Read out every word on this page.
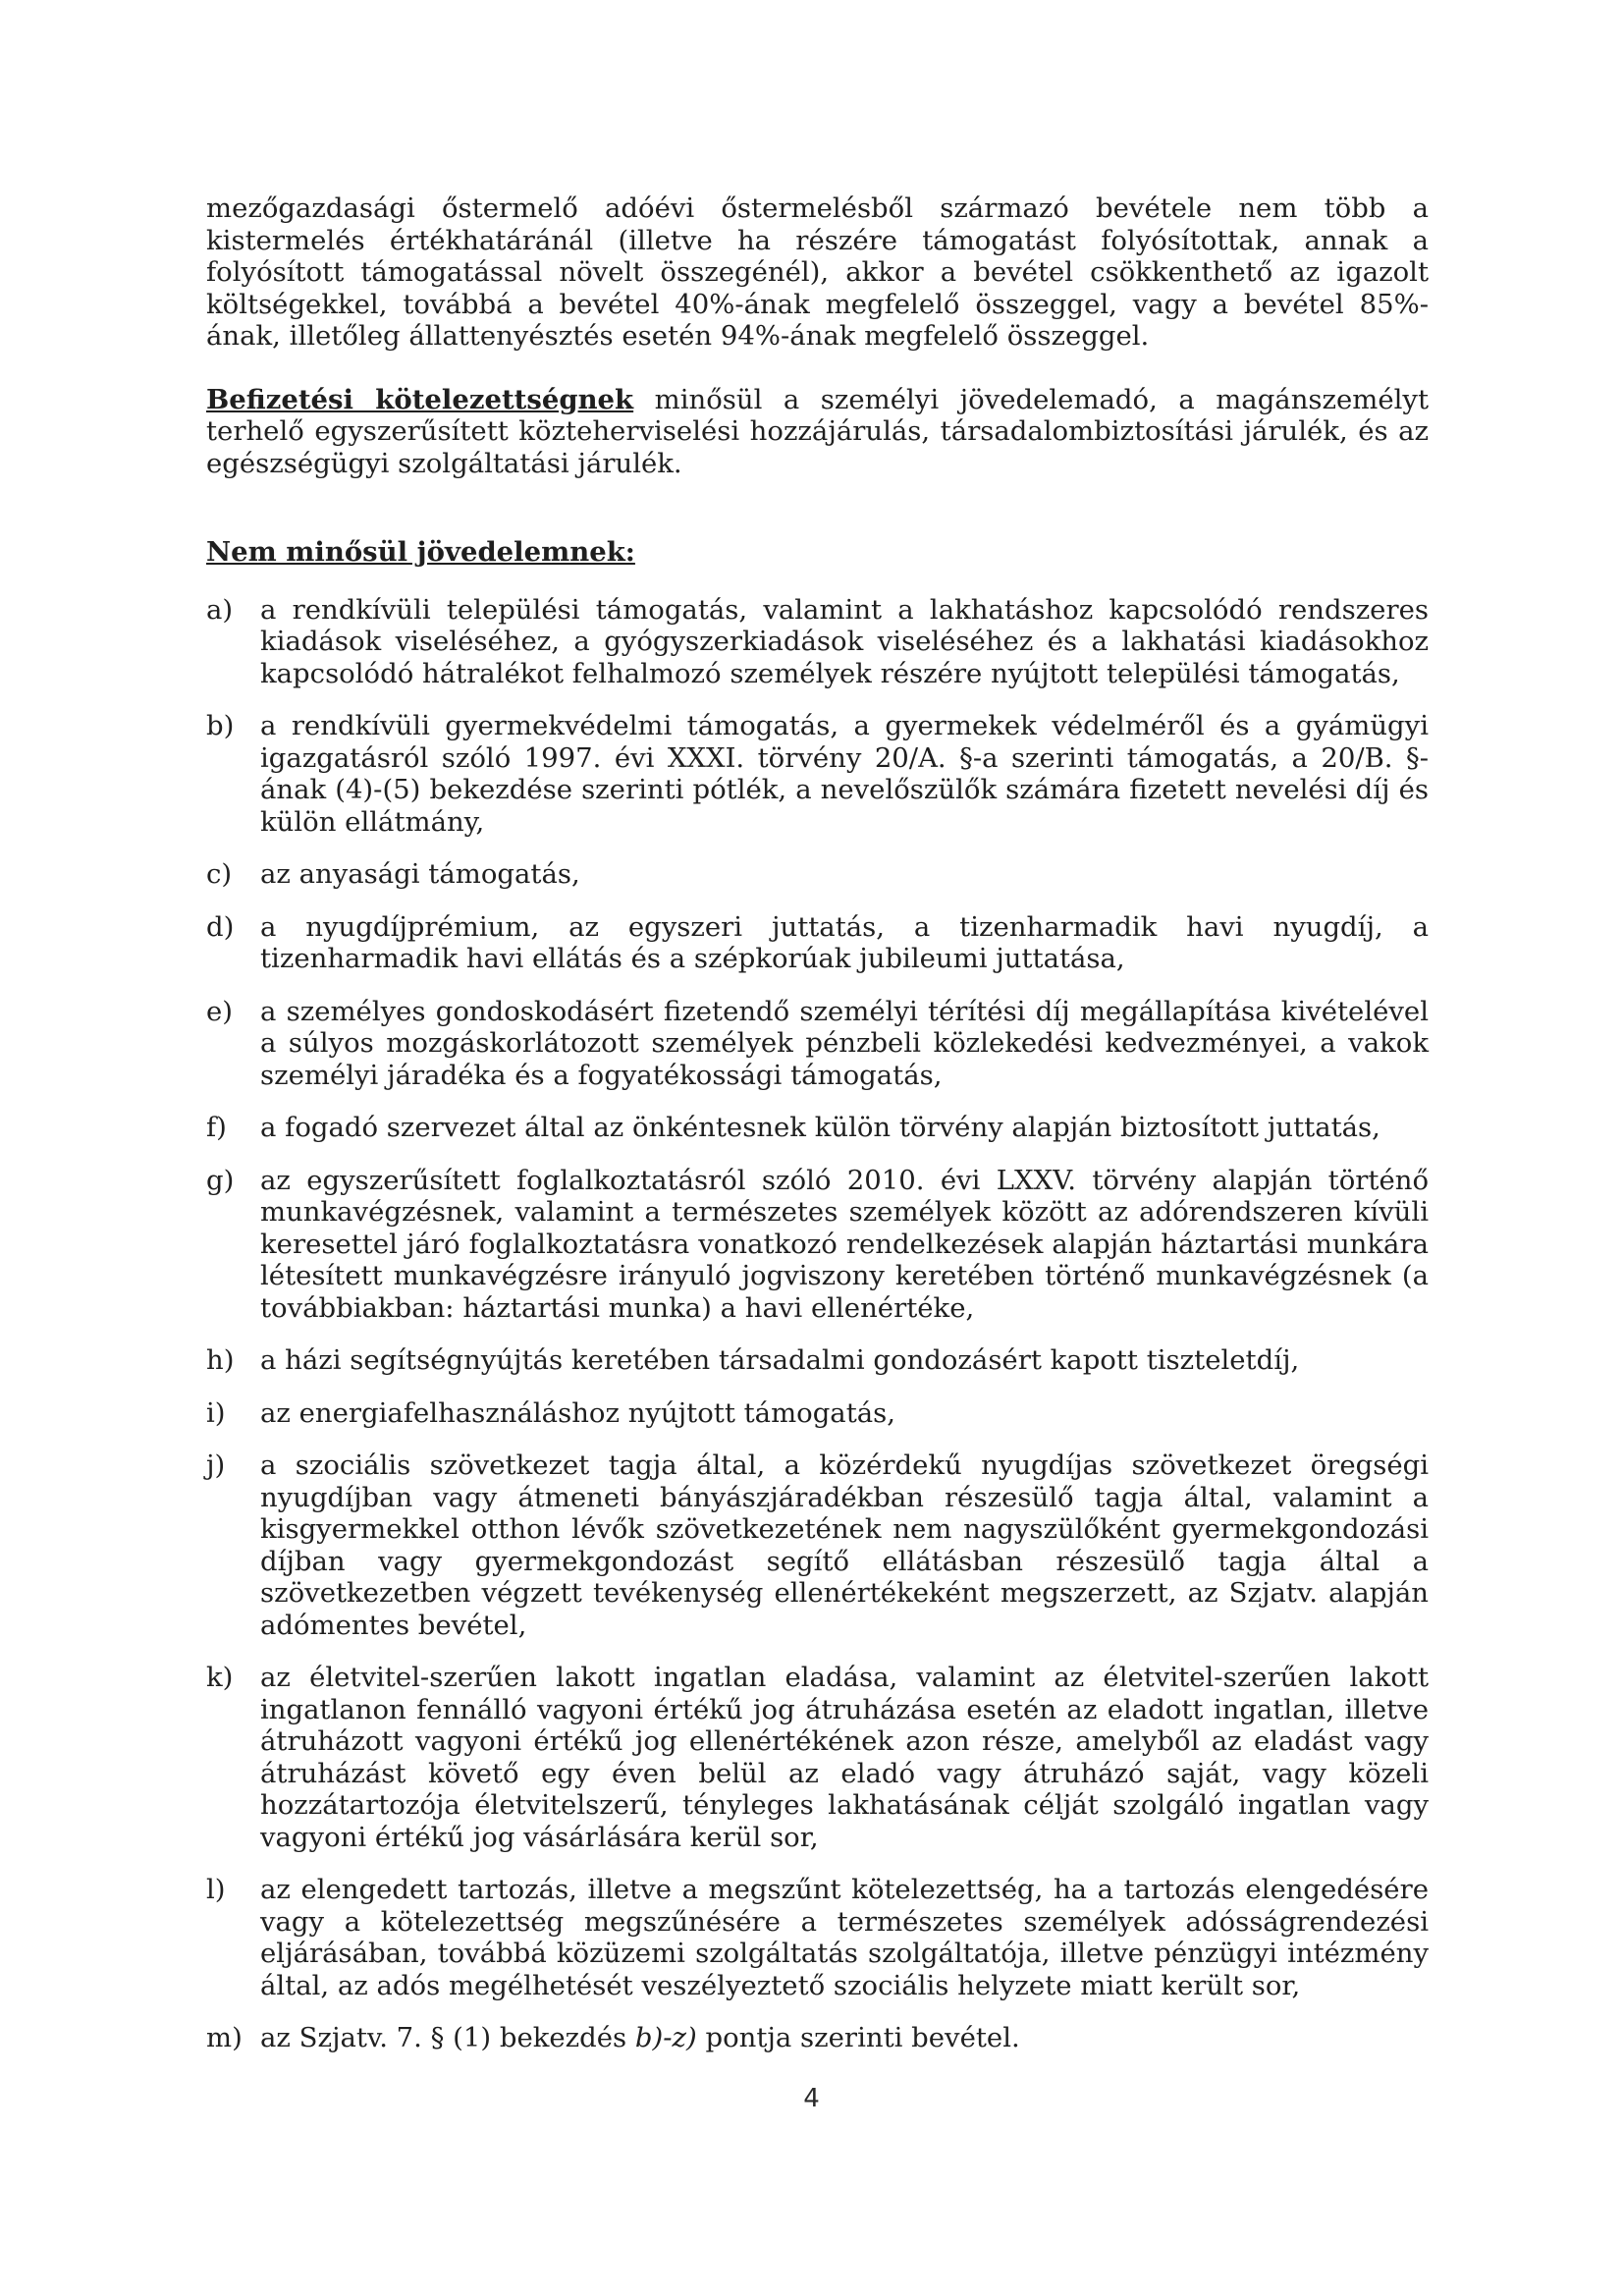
mezőgazdasági őstermelő adóévi őstermelésből származó bevétele nem több a kistermelés értékhatáránál (illetve ha részére támogatást folyósítottak, annak a folyósított támogatással növelt összegénél), akkor a bevétel csökkenthető az igazolt költségekkel, továbbá a bevétel 40%-ának megfelelő összeggel, vagy a bevétel 85%-ának, illetőleg állattenyésztés esetén 94%-ának megfelelő összeggel.

Befizetési kötelezettségnek minősül a személyi jövedelemadó, a magánszemélyt terhelő egyszerűsített közteherviselési hozzájárulás, társadalombiztosítási járulék, és az egészségügyi szolgáltatási járulék.

Nem minősül jövedelemnek:
a) a rendkívüli települési támogatás, valamint a lakhatáshoz kapcsolódó rendszeres kiadások viseléséhez, a gyógyszerkiadások viseléséhez és a lakhatási kiadásokhoz kapcsolódó hátralékot felhalmozó személyek részére nyújtott települési támogatás,
b) a rendkívüli gyermekvédelmi támogatás, a gyermekek védelméről és a gyámügyi igazgatásról szóló 1997. évi XXXI. törvény 20/A. §-a szerinti támogatás, a 20/B. §-ának (4)-(5) bekezdése szerinti pótlék, a nevelőszülők számára fizetett nevelési díj és külön ellátmány,
c) az anyasági támogatás,
d) a nyugdíjprémium, az egyszeri juttatás, a tizenharmadik havi nyugdíj, a tizenharmadik havi ellátás és a szépkorúak jubileumi juttatása,
e) a személyes gondoskodásért fizetendő személyi térítési díj megállapítása kivételével a súlyos mozgáskorlátozott személyek pénzbeli közlekedési kedvezményei, a vakok személyi járadéka és a fogyatékossági támogatás,
f) a fogadó szervezet által az önkéntesnek külön törvény alapján biztosított juttatás,
g) az egyszerűsített foglalkoztatásról szóló 2010. évi LXXV. törvény alapján történő munkavégzésnek, valamint a természetes személyek között az adórendszeren kívüli keresettel járó foglalkoztatásra vonatkozó rendelkezések alapján háztartási munkára létesített munkavégzésre irányuló jogviszony keretében történő munkavégzésnek (a továbbiakban: háztartási munka) a havi ellenértéke,
h) a házi segítségnyújtás keretében társadalmi gondozásért kapott tiszteletdíj,
i) az energiafelhasználáshoz nyújtott támogatás,
j) a szociális szövetkezet tagja által, a közérdekű nyugdíjas szövetkezet öregségi nyugdíjban vagy átmeneti bányászjáradékban részesülő tagja által, valamint a kisgyermekkel otthon lévők szövetkezetének nem nagyszülőként gyermekgondozási díjban vagy gyermekgondozást segítő ellátásban részesülő tagja által a szövetkezetben végzett tevékenység ellenértékeként megszerzett, az Szjatv. alapján adómentes bevétel,
k) az életvitel-szerűen lakott ingatlan eladása, valamint az életvitel-szerűen lakott ingatlanon fennálló vagyoni értékű jog átruházása esetén az eladott ingatlan, illetve átruházott vagyoni értékű jog ellenértékének azon része, amelyből az eladást vagy átruházást követő egy éven belül az eladó vagy átruházó saját, vagy közeli hozzátartozója életvitelszerű, tényleges lakhatásának célját szolgáló ingatlan vagy vagyoni értékű jog vásárlására kerül sor,
l) az elengedett tartozás, illetve a megszűnt kötelezettség, ha a tartozás elengedésére vagy a kötelezettség megszűnésére a természetes személyek adósságrendezési eljárásában, továbbá közüzemi szolgáltatás szolgáltatója, illetve pénzügyi intézmény által, az adós megélhetését veszélyeztető szociális helyzete miatt került sor,
m) az Szjatv. 7. § (1) bekezdés b)-z) pontja szerinti bevétel.
4
